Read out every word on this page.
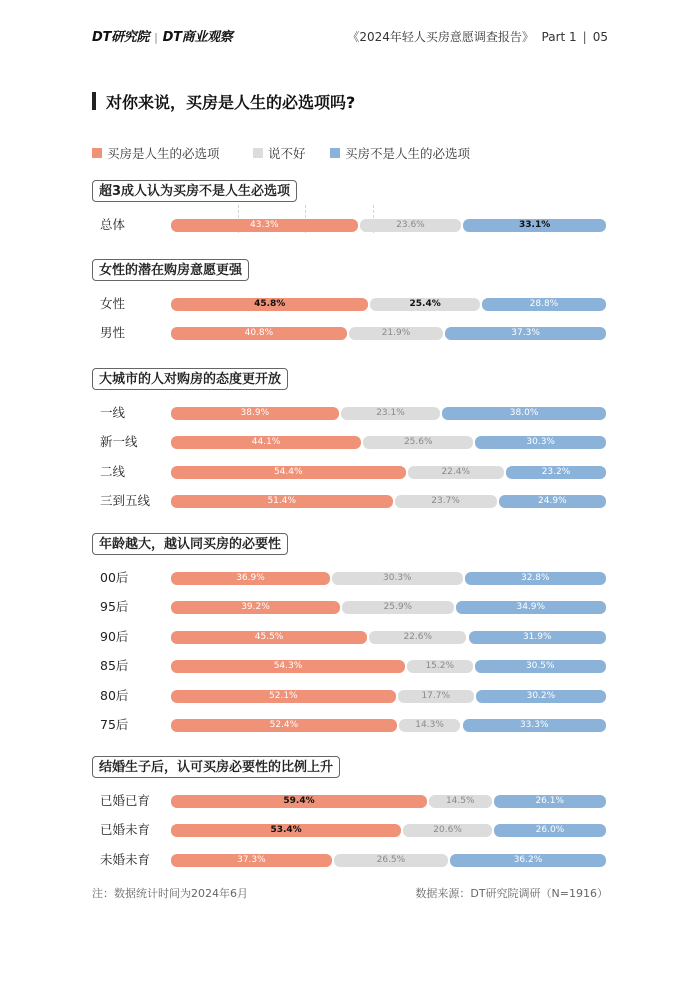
DT研究院 | DT商业观察	《2024年轻人买房意愿调查报告》 Part 1 | 05
对你来说，买房是人生的必选项吗?
买房是人生的必选项	说不好	买房不是人生的必选项
超3成人认为买房不是人生必选项
总体	43.3%	23.6%	33.1%
女性的潜在购房意愿更强
女性	45.8%	25.4%	28.8%
男性	40.8%	21.9%	37.3%
大城市的人对购房的态度更开放
一线	38.9%	23.1%	38.0%
新一线	44.1%	25.6%	30.3%
二线	54.4%	22.4%	23.2%
三到五线	51.4%	23.7%	24.9%
年龄越大，越认同买房的必要性
00后	36.9%	30.3%	32.8%
95后	39.2%	25.9%	34.9%
90后	45.5%	22.6%	31.9%
85后	54.3%	15.2%	30.5%
80后	52.1%	17.7%	30.2%
75后	52.4%	14.3%	33.3%
结婚生子后，认可买房必要性的比例上升
已婚已育	59.4%	14.5%	26.1%
已婚未育	53.4%	20.6%	26.0%
未婚未育	37.3%	26.5%	36.2%
注：数据统计时间为2024年6月	数据来源：DT研究院调研（N=1916）
